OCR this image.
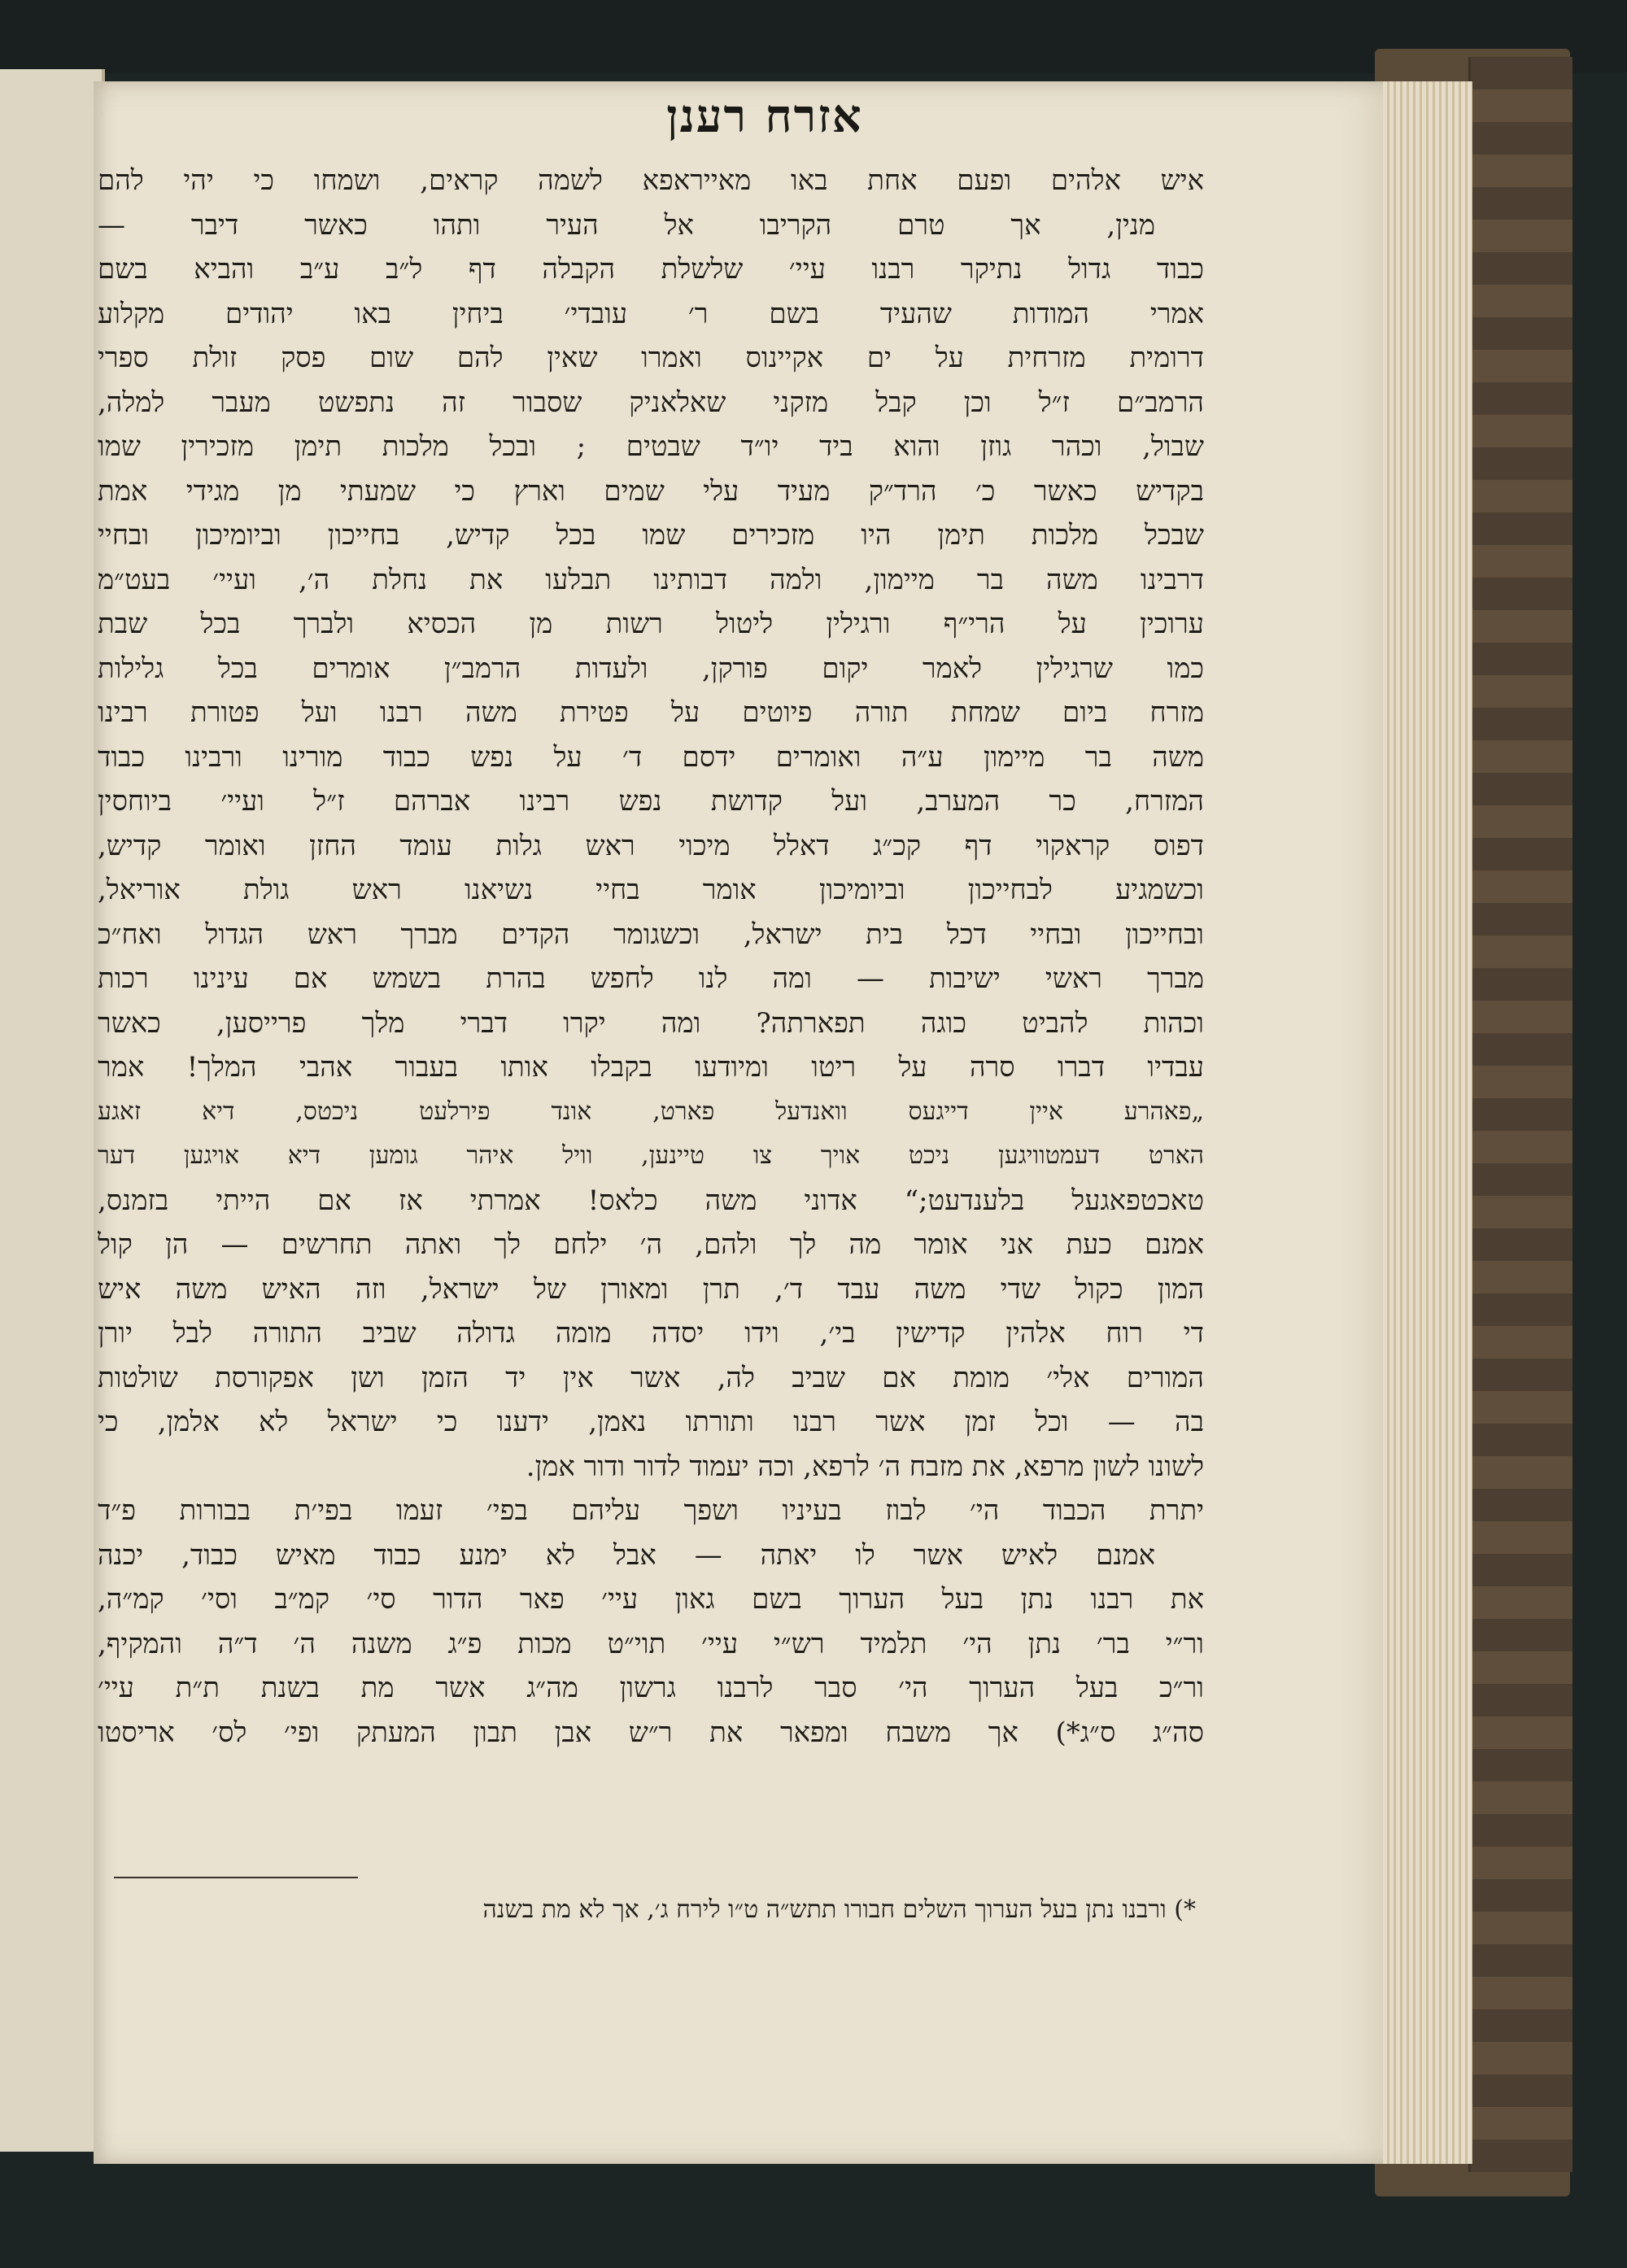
אזרח רענן
איש אלהים ופעם אחת באו מאייראפא לשמה קראים, ושמחו כי יהי להם
מנין, אך טרם הקריבו אל העיר ותהו כאשר דיבר —
כבוד גדול נתיקר רבנו עיי׳ שלשלת הקבלה דף ל״ב ע״ב והביא בשם
אמרי המודות שהעיד בשם ר׳ עובדי׳ ביחין באו יהודים מקלוע
דרומית מזרחית על ים אקיינוס ואמרו שאין להם שום פסק זולת ספרי
הרמב״ם ז״ל וכן קבל מזקני שאלאניק שסבור זה נתפשט מעבר למלה,
שבול, וכהר גוזן והוא ביד יו״ד שבטים ; ובכל מלכות תימן מזכירין שמו
בקדיש כאשר כ׳ הרד״ק מעיד עלי שמים וארץ כי שמעתי מן מגידי אמת
שבכל מלכות תימן היו מזכירים שמו בכל קדיש, בחייכון וביומיכון ובחיי
דרבינו משה בר מיימון, ולמה דבותינו תבלעו את נחלת ה׳, ועיי׳ בעט״מ
ערוכין על הרי״ף ורגילין ליטול רשות מן הכסיא ולברך בכל שבת
כמו שרגילין לאמר יקום פורקן, ולעדות הרמב״ן אומרים בכל גלילות
מזרח ביום שמחת תורה פיוטים על פטירת משה רבנו ועל פטורת רבינו
משה בר מיימון ע״ה ואומרים ידסם ד׳ על נפש כבוד מורינו ורבינו כבוד
המזרח, כר המערב, ועל קדושת נפש רבינו אברהם ז״ל ועיי׳ ביוחסין
דפוס קראקוי דף קכ״ג דאלל מיכוי ראש גלות עומד החזן ואומר קדיש,
וכשמגיע לבחייכון וביומיכון אומר בחיי נשיאנו ראש גולת אוריאל,
ובחייכון ובחיי דכל בית ישראל, וכשגומר הקדים מברך ראש הגדול ואח״כ
מברך ראשי ישיבות — ומה לנו לחפש בהרת בשמש אם עינינו רכות
וכהות להביט כוגה תפארתה? ומה יקרו דברי מלך פרייסען, כאשר
עבדיו דברו סרה על ריטו ומיודעו בקבלו אותו בעבור אהבי המלך! אמר
„פאהרע איין דייגעס וואנדעל פארט, אונד פירלעט ניכטס, דיא זאגע
הארט דעמטוויגען ניכט אויך צו טיינען, וויל איהר גומען דיא אויגען דער
טאכטפאגעל בלענדעט;“ אדוני משה כלאס! אמרתי אז אם הייתי בזמנס,
אמנם כעת אני אומר מה לך ולהם, ה׳ ילחם לך ואתה תחרשים — הן קול
המון כקול שדי משה עבד ד׳, תרן ומאורן של ישראל, וזה האיש משה איש
די רוח אלהין קדישין בי׳, וידו יסדה מומה גדולה שביב התורה לבל יורן
המורים אלי׳ מומת אם שביב לה, אשר אין יד הזמן ושן אפקורסת שולטות
בה — וכל זמן אשר רבנו ותורתו נאמן, ידענו כי ישראל לא אלמן, כי
לשונו לשון מרפא, את מזבח ה׳ לרפא, וכה יעמוד לדור ודור אמן.
יתרת הכבוד הי׳ לבוז בעיניו ושפך עליהם בפי׳ זעמו בפי׳ת בבורות פ״ד
אמנם לאיש אשר לו יאתה — אבל לא ימנע כבוד מאיש כבוד, יכנה
את רבנו נתן בעל הערוך בשם גאון עיי׳ פאר הדור סי׳ קמ״ב וסי׳ קמ״ה,
ור״י בר׳ נתן הי׳ תלמיד רש״י עיי׳ תוי״ט מכות פ״ג משנה ה׳ ד״ה והמקיף,
ור״כ בעל הערוך הי׳ סבר לרבנו גרשון מה״ג אשר מת בשנת ת״ת עיי׳
סה״ג ס״ג*) אך משבח ומפאר את ר״ש אבן תבון המעתק ופי׳ לס׳ אריסטו
*) ורבנו נתן בעל הערוך השלים חבורו תתש״ה ט״ו לירח ג׳, אך לא מת בשנה
